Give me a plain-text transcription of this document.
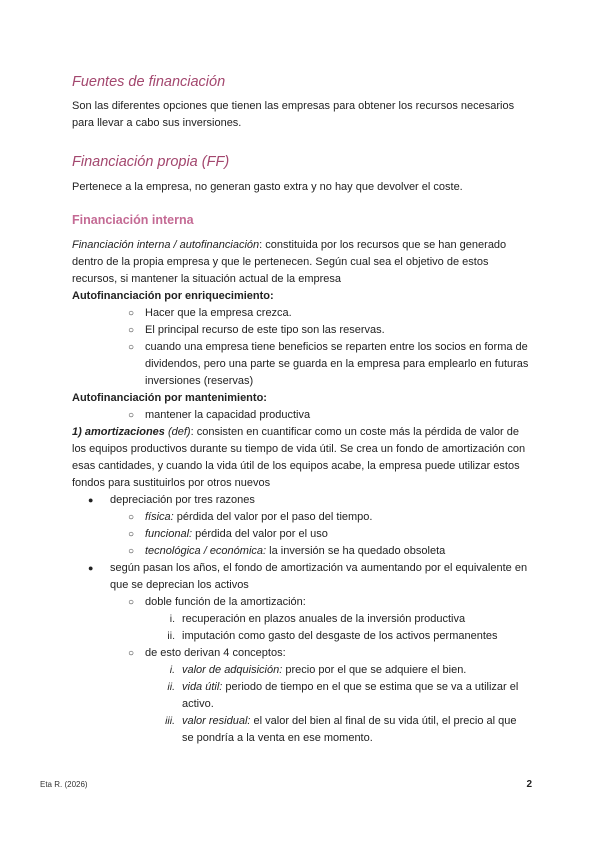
Fuentes de financiación
Son las diferentes opciones que tienen las empresas para obtener los recursos necesarios para llevar a cabo sus inversiones.
Financiación propia (FF)
Pertenece a la empresa, no generan gasto extra y no hay que devolver el coste.
Financiación interna
Financiación interna / autofinanciación: constituida por los recursos que se han generado dentro de la propia empresa y que le pertenecen. Según cual sea el objetivo de estos recursos, si mantener la situación actual de la empresa
Autofinanciación por enriquecimiento:
○ Hacer que la empresa crezca.
○ El principal recurso de este tipo son las reservas.
○ cuando una empresa tiene beneficios se reparten entre los socios en forma de dividendos, pero una parte se guarda en la empresa para emplearlo en futuras inversiones (reservas)
Autofinanciación por mantenimiento:
○ mantener la capacidad productiva
1) amortizaciones (def): consisten en cuantificar como un coste más la pérdida de valor de los equipos productivos durante su tiempo de vida útil. Se crea un fondo de amortización con esas cantidades, y cuando la vida útil de los equipos acabe, la empresa puede utilizar estos fondos para sustituirlos por otros nuevos
● depreciación por tres razones
○ física: pérdida del valor por el paso del tiempo.
○ funcional: pérdida del valor por el uso
○ tecnológica / económica: la inversión se ha quedado obsoleta
● según pasan los años, el fondo de amortización va aumentando por el equivalente en que se deprecian los activos
○ doble función de la amortización:
i. recuperación en plazos anuales de la inversión productiva
ii. imputación como gasto del desgaste de los activos permanentes
○ de esto derivan 4 conceptos:
i. valor de adquisición: precio por el que se adquiere el bien.
ii. vida útil: periodo de tiempo en el que se estima que se va a utilizar el activo.
iii. valor residual: el valor del bien al final de su vida útil, el precio al que se pondría a la venta en ese momento.
Eta R. (2026)	2
